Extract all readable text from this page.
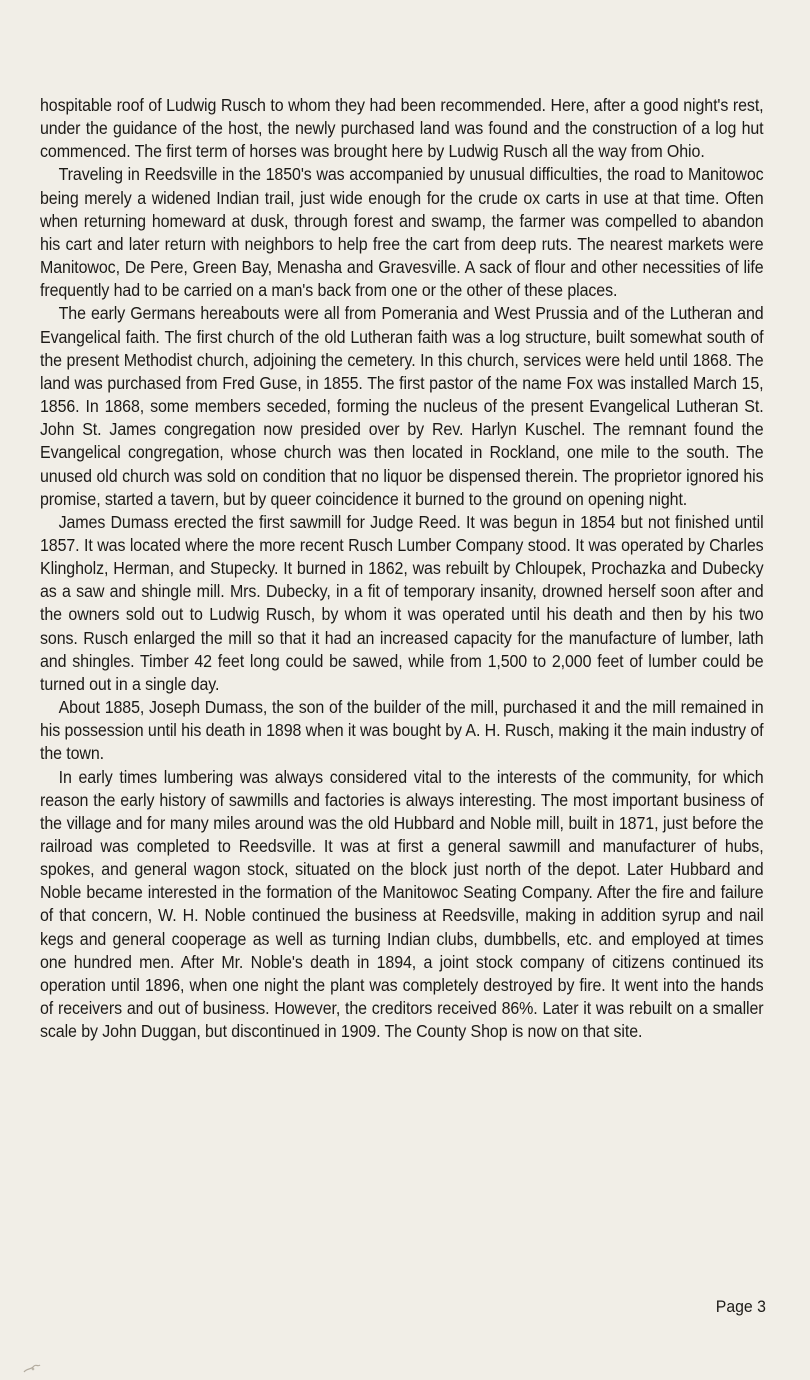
hospitable roof of Ludwig Rusch to whom they had been recommended. Here, after a good night's rest, under the guidance of the host, the newly purchased land was found and the construction of a log hut commenced. The first term of horses was brought here by Ludwig Rusch all the way from Ohio.

Traveling in Reedsville in the 1850's was accompanied by unusual difficulties, the road to Manitowoc being merely a widened Indian trail, just wide enough for the crude ox carts in use at that time. Often when returning homeward at dusk, through forest and swamp, the farmer was compelled to abandon his cart and later return with neighbors to help free the cart from deep ruts. The nearest markets were Manitowoc, De Pere, Green Bay, Menasha and Gravesville. A sack of flour and other necessities of life frequently had to be carried on a man's back from one or the other of these places.

The early Germans hereabouts were all from Pomerania and West Prussia and of the Lutheran and Evangelical faith. The first church of the old Lutheran faith was a log structure, built somewhat south of the present Methodist church, adjoining the cemetery. In this church, services were held until 1868. The land was purchased from Fred Guse, in 1855. The first pastor of the name Fox was installed March 15, 1856. In 1868, some members seceded, forming the nucleus of the present Evangelical Lutheran St. John St. James congregation now presided over by Rev. Harlyn Kuschel. The remnant found the Evangelical congregation, whose church was then located in Rockland, one mile to the south. The unused old church was sold on condition that no liquor be dispensed therein. The proprietor ignored his promise, started a tavern, but by queer coincidence it burned to the ground on opening night.

James Dumass erected the first sawmill for Judge Reed. It was begun in 1854 but not finished until 1857. It was located where the more recent Rusch Lumber Company stood. It was operated by Charles Klingholz, Herman, and Stupecky. It burned in 1862, was rebuilt by Chloupek, Prochazka and Dubecky as a saw and shingle mill. Mrs. Dubecky, in a fit of temporary insanity, drowned herself soon after and the owners sold out to Ludwig Rusch, by whom it was operated until his death and then by his two sons. Rusch enlarged the mill so that it had an increased capacity for the manufacture of lumber, lath and shingles. Timber 42 feet long could be sawed, while from 1,500 to 2,000 feet of lumber could be turned out in a single day.

About 1885, Joseph Dumass, the son of the builder of the mill, purchased it and the mill remained in his possession until his death in 1898 when it was bought by A. H. Rusch, making it the main industry of the town.

In early times lumbering was always considered vital to the interests of the community, for which reason the early history of sawmills and factories is always interesting. The most important business of the village and for many miles around was the old Hubbard and Noble mill, built in 1871, just before the railroad was completed to Reedsville. It was at first a general sawmill and manufacturer of hubs, spokes, and general wagon stock, situated on the block just north of the depot. Later Hubbard and Noble became interested in the formation of the Manitowoc Seating Company. After the fire and failure of that concern, W. H. Noble continued the business at Reedsville, making in addition syrup and nail kegs and general cooperage as well as turning Indian clubs, dumbbells, etc. and employed at times one hundred men. After Mr. Noble's death in 1894, a joint stock company of citizens continued its operation until 1896, when one night the plant was completely destroyed by fire. It went into the hands of receivers and out of business. However, the creditors received 86%. Later it was rebuilt on a smaller scale by John Duggan, but discontinued in 1909. The County Shop is now on that site.

Page 3
